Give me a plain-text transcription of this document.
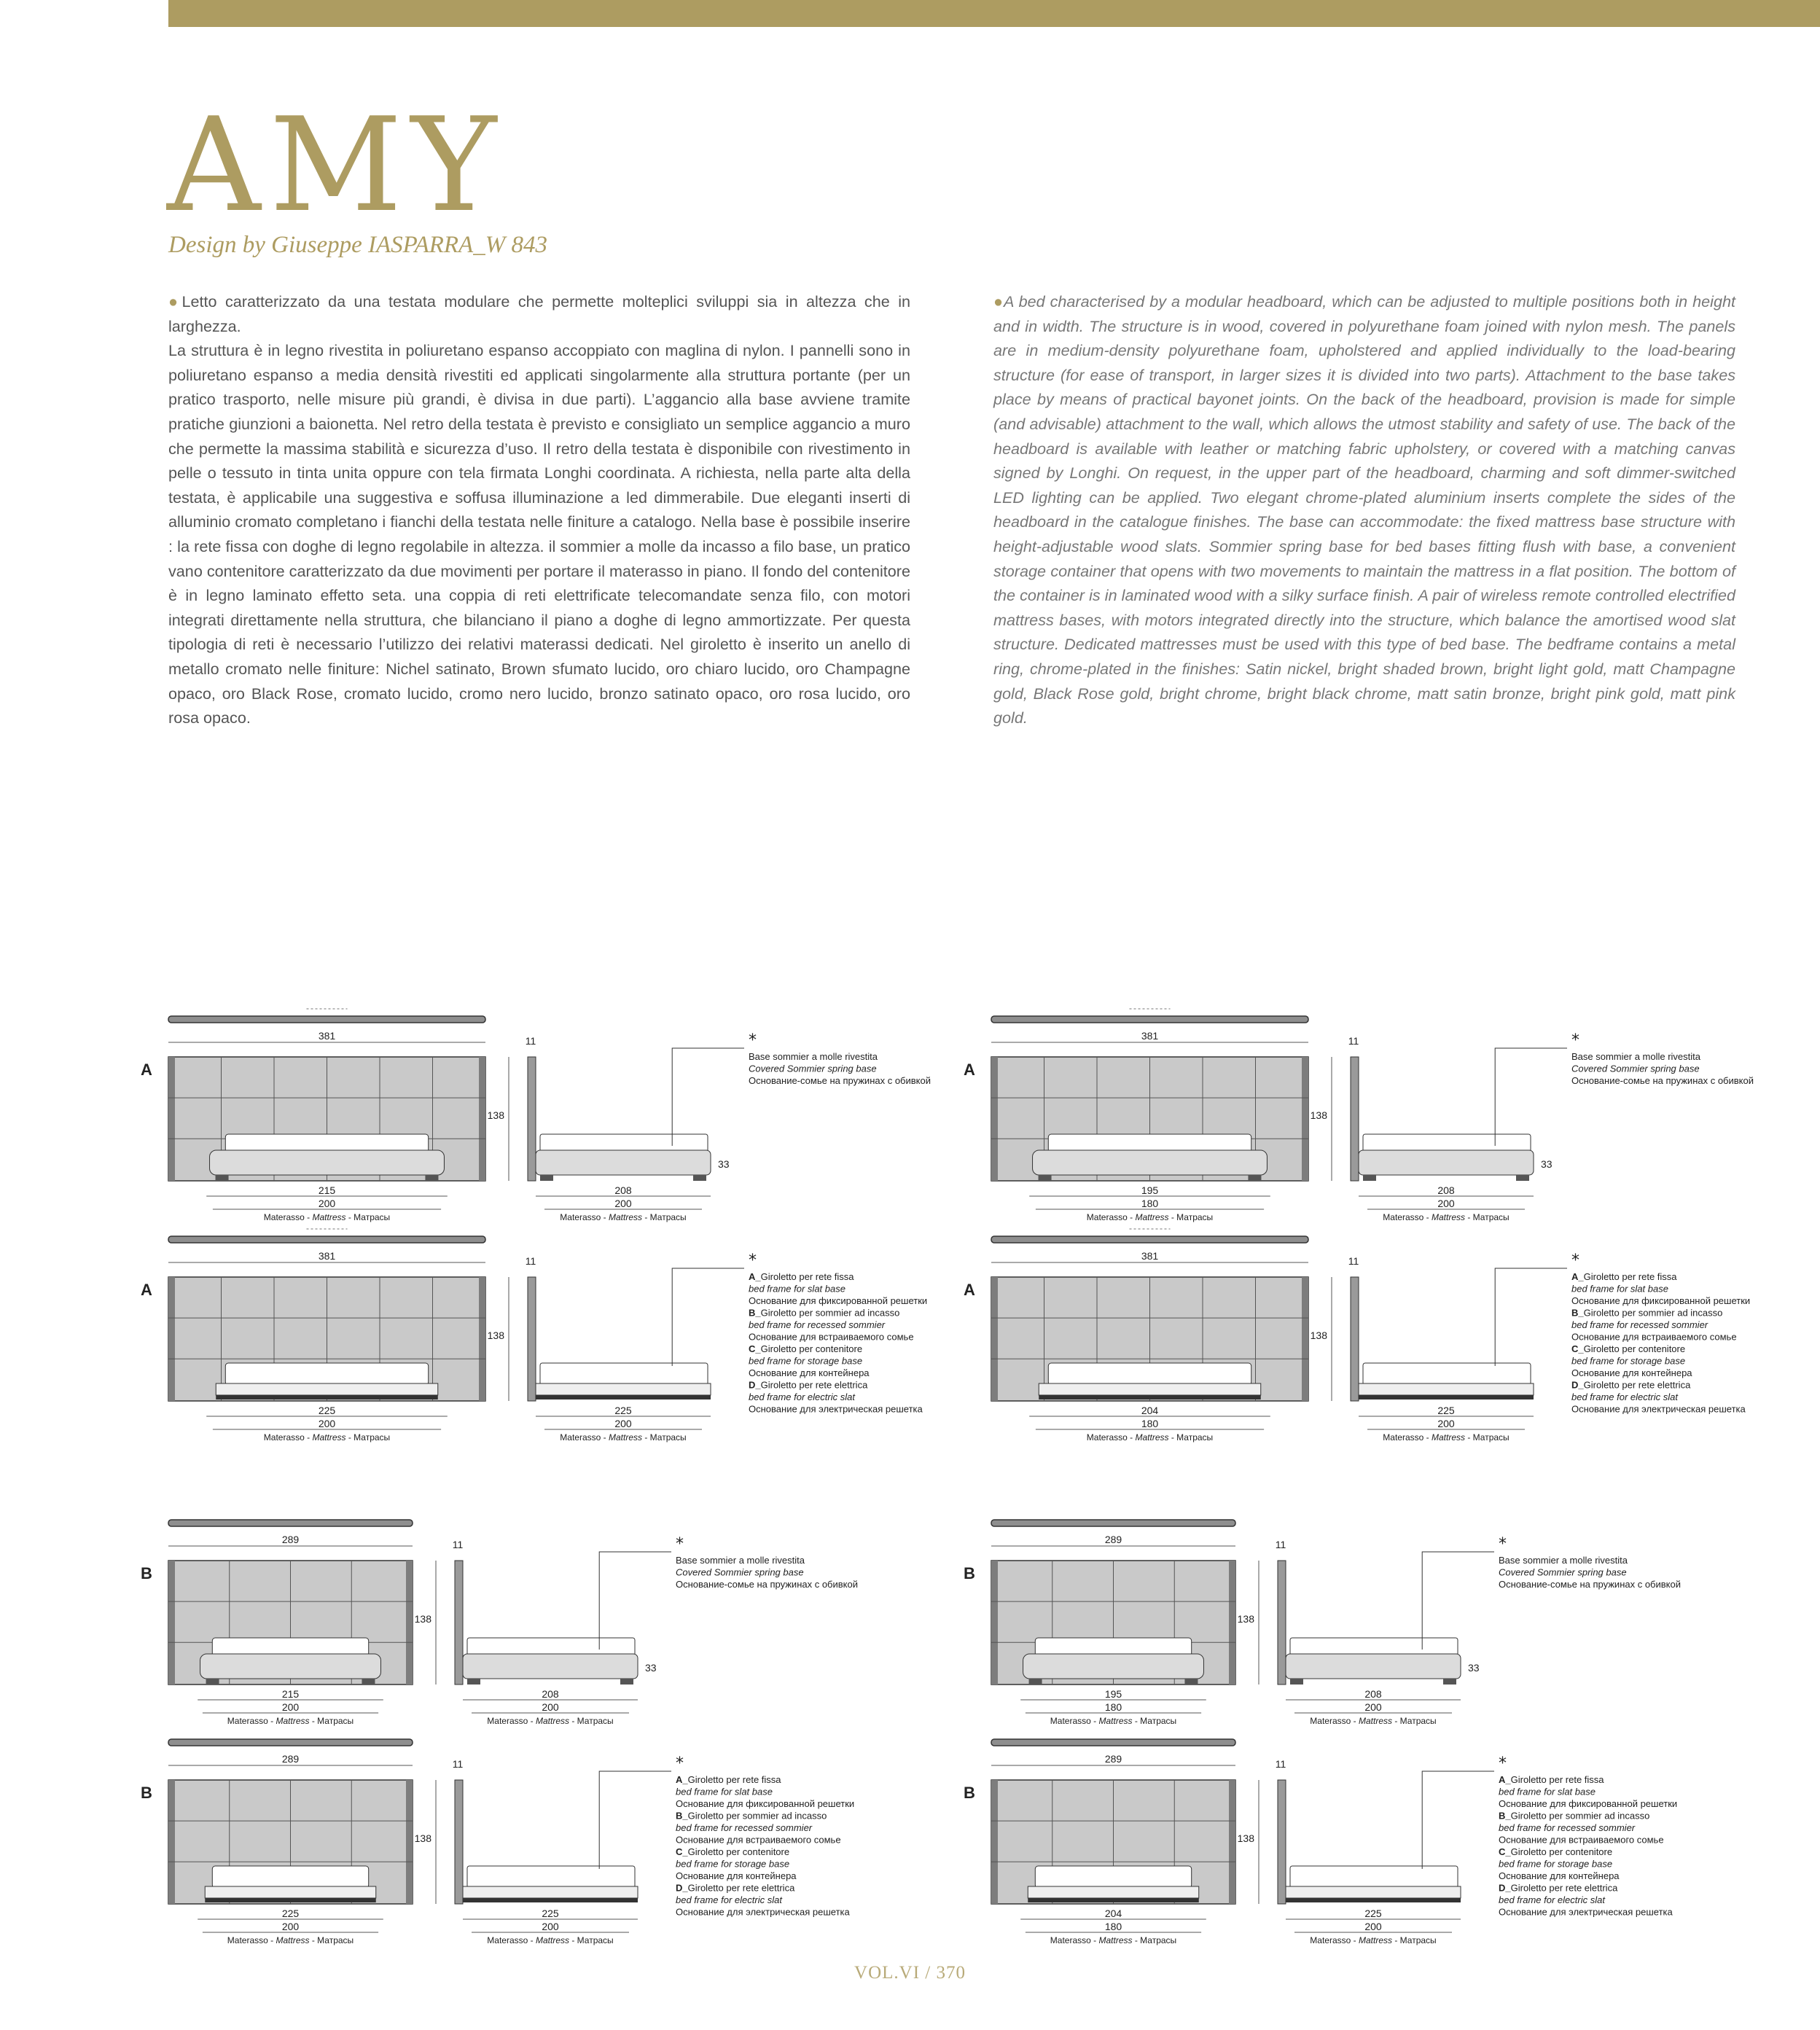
AMY
Design by Giuseppe IASPARRA_W 843

●Letto caratterizzato da una testata modulare che permette molteplici sviluppi sia in altezza che in larghezza.

La struttura è in legno rivestita in poliuretano espanso accoppiato con maglina di nylon. I pannelli sono in poliuretano espanso a media densità rivestiti ed applicati singolarmente alla struttura portante (per un pratico trasporto, nelle misure più grandi, è divisa in due parti). L’aggancio alla base avviene tramite pratiche giunzioni a baionetta. Nel retro della testata è previsto e consigliato un semplice aggancio a muro che permette la massima stabilità e sicurezza d’uso. Il retro della testata è disponibile con rivestimento in pelle o tessuto in tinta unita oppure con tela firmata Longhi coordinata. A richiesta, nella parte alta della testata, è applicabile una suggestiva e soffusa illuminazione a led dimmerabile. Due eleganti inserti di alluminio cromato completano i fianchi della testata nelle finiture a catalogo. Nella base è possibile inserire : la rete fissa con doghe di legno regolabile in altezza. il sommier a molle da incasso a filo base, un pratico vano contenitore caratterizzato da due movimenti per portare il materasso in piano. Il fondo del contenitore è in legno laminato effetto seta. una coppia di reti elettrificate telecomandate senza filo, con motori integrati direttamente nella struttura, che bilanciano il piano a doghe di legno ammortizzate. Per questa tipologia di reti è necessario l’utilizzo dei relativi materassi dedicati. Nel giroletto è inserito un anello di metallo cromato nelle finiture: Nichel satinato, Brown sfumato lucido, oro chiaro lucido, oro Champagne opaco, oro Black Rose, cromato lucido, cromo nero lucido, bronzo satinato opaco, oro rosa lucido, oro rosa opaco.

●A bed characterised by a modular headboard, which can be adjusted to multiple positions both in height and in width. The structure is in wood, covered in polyurethane foam joined with nylon mesh. The panels are in medium-density polyurethane foam, upholstered and applied individually to the load-bearing structure (for ease of transport, in larger sizes it is divided into two parts). Attachment to the base takes place by means of practical bayonet joints. On the back of the headboard, provision is made for simple (and advisable) attachment to the wall, which allows the utmost stability and safety of use. The back of the headboard is available with leather or matching fabric upholstery, or covered with a matching canvas signed by Longhi. On request, in the upper part of the headboard, charming and soft dimmer-switched LED lighting can be applied. Two elegant chrome-plated aluminium inserts complete the sides of the headboard in the catalogue finishes. The base can accommodate: the fixed mattress base structure with height-adjustable wood slats. Sommier spring base for bed bases fitting flush with base, a convenient storage container that opens with two movements to maintain the mattress in a flat position. The bottom of the container is in laminated wood with a silky surface finish. A pair of wireless remote controlled electrified mattress bases, with motors integrated directly into the structure, which balance the amortised wood slat structure. Dedicated mattresses must be used with this type of bed base. The bedframe contains a metal ring, chrome-plated in the finishes: Satin nickel, bright shaded brown, bright light gold, matt Champagne gold, Black Rose gold, bright chrome, bright black chrome, matt satin bronze, bright pink gold, matt pink gold.

A
381
215
200
Materasso - Mattress - Матрасы
11
138
33
208
200
Materasso - Mattress - Матрасы
*
Base sommier a molle rivestita
Covered Sommier spring base
Основание-сомье на пружинах с обивкой
A
381
195
180
Materasso - Mattress - Матрасы
11
138
33
208
200
Materasso - Mattress - Матрасы
*
Base sommier a molle rivestita
Covered Sommier spring base
Основание-сомье на пружинах с обивкой
A
381
225
200
Materasso - Mattress - Матрасы
11
138
225
200
Materasso - Mattress - Матрасы
*
A_Giroletto per rete fissa
bed frame for slat base
Основание для фиксированной решетки
B_Giroletto per sommier ad incasso
bed frame for recessed sommier
Основание для встраиваемого сомье
C_Giroletto per contenitore
bed frame for storage base
Основание для контейнера
D_Giroletto per rete elettrica
bed frame for electric slat
Основание для электрическая решетка
A
381
204
180
Materasso - Mattress - Матрасы
11
138
225
200
Materasso - Mattress - Матрасы
*
A_Giroletto per rete fissa
bed frame for slat base
Основание для фиксированной решетки
B_Giroletto per sommier ad incasso
bed frame for recessed sommier
Основание для встраиваемого сомье
C_Giroletto per contenitore
bed frame for storage base
Основание для контейнера
D_Giroletto per rete elettrica
bed frame for electric slat
Основание для электрическая решетка
B
289
215
200
Materasso - Mattress - Матрасы
11
138
33
208
200
Materasso - Mattress - Матрасы
*
Base sommier a molle rivestita
Covered Sommier spring base
Основание-сомье на пружинах с обивкой
B
289
195
180
Materasso - Mattress - Матрасы
11
138
33
208
200
Materasso - Mattress - Матрасы
*
Base sommier a molle rivestita
Covered Sommier spring base
Основание-сомье на пружинах с обивкой
B
289
225
200
Materasso - Mattress - Матрасы
11
138
225
200
Materasso - Mattress - Матрасы
*
A_Giroletto per rete fissa
bed frame for slat base
Основание для фиксированной решетки
B_Giroletto per sommier ad incasso
bed frame for recessed sommier
Основание для встраиваемого сомье
C_Giroletto per contenitore
bed frame for storage base
Основание для контейнера
D_Giroletto per rete elettrica
bed frame for electric slat
Основание для электрическая решетка
B
289
204
180
Materasso - Mattress - Матрасы
11
138
225
200
Materasso - Mattress - Матрасы
*
A_Giroletto per rete fissa
bed frame for slat base
Основание для фиксированной решетки
B_Giroletto per sommier ad incasso
bed frame for recessed sommier
Основание для встраиваемого сомье
C_Giroletto per contenitore
bed frame for storage base
Основание для контейнера
D_Giroletto per rete elettrica
bed frame for electric slat
Основание для электрическая решетка
VOL.VI / 370
